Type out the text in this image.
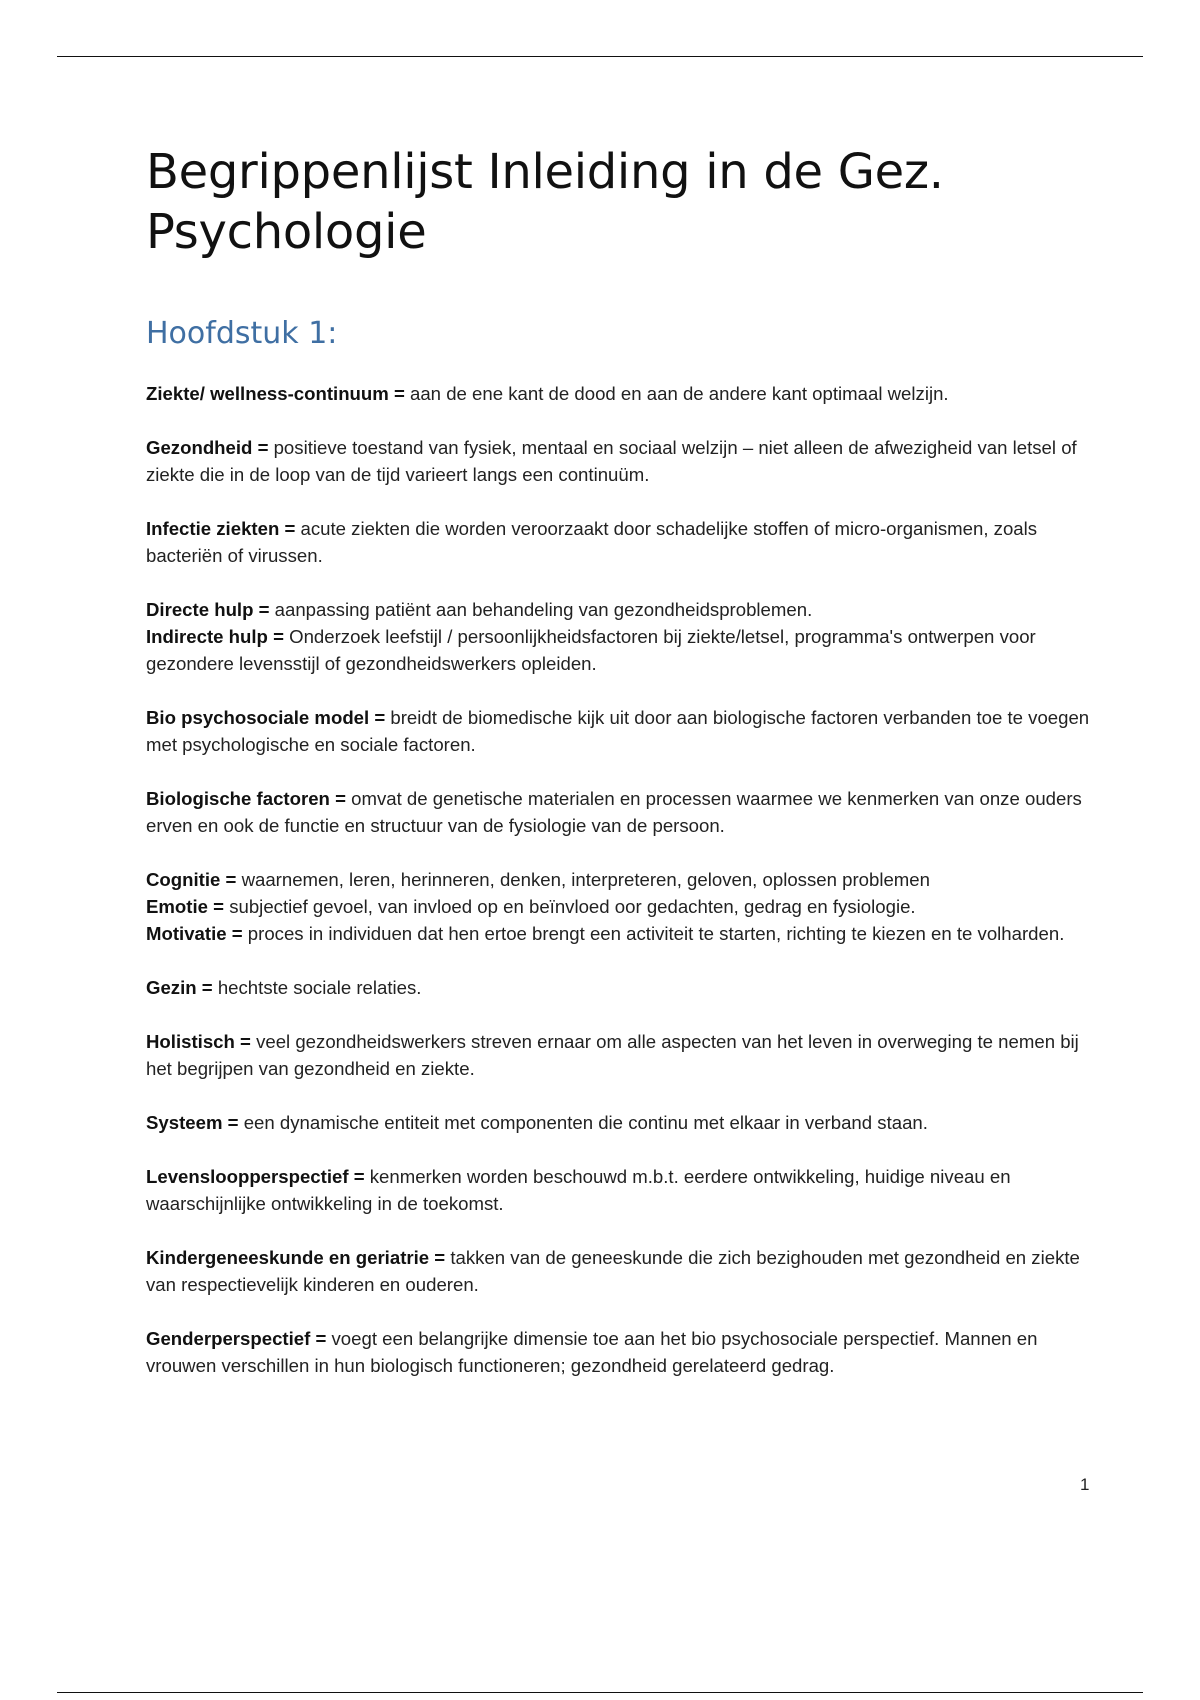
Begrippenlijst Inleiding in de Gez.
Psychologie
Hoofdstuk 1:

Ziekte/ wellness-continuum = aan de ene kant de dood en aan de andere kant optimaal welzijn.

Gezondheid = positieve toestand van fysiek, mentaal en sociaal welzijn – niet alleen de afwezigheid van letsel of ziekte die in de loop van de tijd varieert langs een continuüm.

Infectie ziekten = acute ziekten die worden veroorzaakt door schadelijke stoffen of micro-organismen, zoals bacteriën of virussen.

Directe hulp = aanpassing patiënt aan behandeling van gezondheidsproblemen.

Indirecte hulp = Onderzoek leefstijl / persoonlijkheidsfactoren bij ziekte/letsel, programma's ontwerpen voor gezondere levensstijl of gezondheidswerkers opleiden.

Bio psychosociale model = breidt de biomedische kijk uit door aan biologische factoren verbanden toe te voegen met psychologische en sociale factoren.

Biologische factoren = omvat de genetische materialen en processen waarmee we kenmerken van onze ouders erven en ook de functie en structuur van de fysiologie van de persoon.

Cognitie = waarnemen, leren, herinneren, denken, interpreteren, geloven, oplossen problemen

Emotie = subjectief gevoel, van invloed op en beïnvloed oor gedachten, gedrag en fysiologie.

Motivatie = proces in individuen dat hen ertoe brengt een activiteit te starten, richting te kiezen en te volharden.

Gezin = hechtste sociale relaties.

Holistisch = veel gezondheidswerkers streven ernaar om alle aspecten van het leven in overweging te nemen bij het begrijpen van gezondheid en ziekte.

Systeem = een dynamische entiteit met componenten die continu met elkaar in verband staan.

Levensloopperspectief = kenmerken worden beschouwd m.b.t. eerdere ontwikkeling, huidige niveau en waarschijnlijke ontwikkeling in de toekomst.

Kindergeneeskunde en geriatrie = takken van de geneeskunde die zich bezighouden met gezondheid en ziekte van respectievelijk kinderen en ouderen.

Genderperspectief = voegt een belangrijke dimensie toe aan het bio psychosociale perspectief. Mannen en vrouwen verschillen in hun biologisch functioneren; gezondheid gerelateerd gedrag.

1
